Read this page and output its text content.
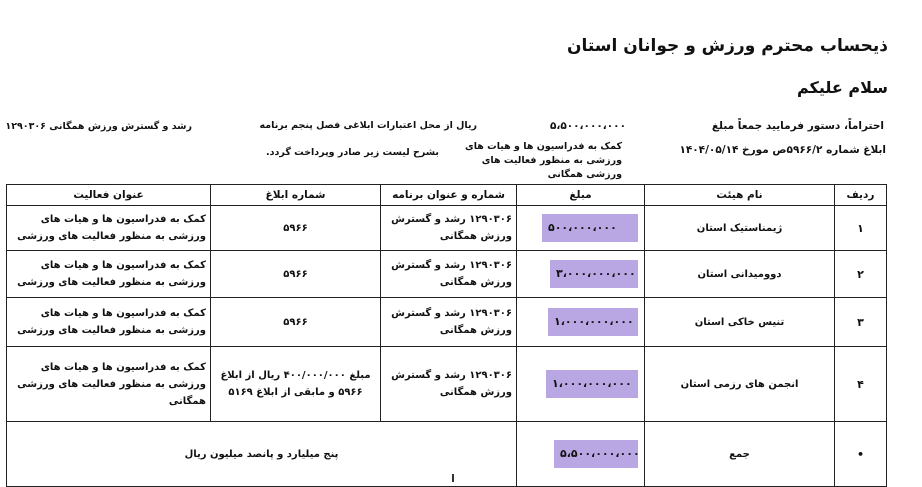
ذیحساب محترم ورزش و جوانان استان
سلام علیکم
احتراماً، دستور فرمایید جمعاً مبلغ
۵،۵۰۰،۰۰۰،۰۰۰
ریال از محل اعتبارات ابلاغی فصل پنجم برنامه
رشد و گسترش ورزش همگانی ۱۲۹۰۳۰۶
ابلاغ شماره ۵۹۶۶/۲ص مورخ ۱۴۰۴/۰۵/۱۴
کمک به فدراسیون ها و هیات های ورزشی به منظور فعالیت های ورزشی همگانی
بشرح لیست زیر صادر وپرداخت گردد.
ردیف	نام هیئت	مبلغ	شماره و عنوان برنامه	شماره ابلاغ	عنوان فعالیت
۱	ژیمناستیک استان	۵۰۰،۰۰۰،۰۰۰	۱۲۹۰۳۰۶ رشد و گسترش ورزش همگانی	۵۹۶۶	کمک به فدراسیون ها و هیات های ورزشی به منظور فعالیت های ورزشی
۲	دوومیدانی استان	۳،۰۰۰،۰۰۰،۰۰۰	۱۲۹۰۳۰۶ رشد و گسترش ورزش همگانی	۵۹۶۶	کمک به فدراسیون ها و هیات های ورزشی به منظور فعالیت های ورزشی
۳	تنیس خاکی استان	۱،۰۰۰،۰۰۰،۰۰۰	۱۲۹۰۳۰۶ رشد و گسترش ورزش همگانی	۵۹۶۶	کمک به فدراسیون ها و هیات های ورزشی به منظور فعالیت های ورزشی
۴	انجمن های رزمی استان	۱،۰۰۰،۰۰۰،۰۰۰	۱۲۹۰۳۰۶ رشد و گسترش ورزش همگانی	مبلغ ۴۰۰/۰۰۰/۰۰۰ ریال از ابلاغ ۵۹۶۶ و مابقی از ابلاغ ۵۱۶۹	کمک به فدراسیون ها و هیات های ورزشی به منظور فعالیت های ورزشی همگانی
•	جمع	۵،۵۰۰،۰۰۰،۰۰۰	پنج میلیارد و پانصد میلیون ریال		
